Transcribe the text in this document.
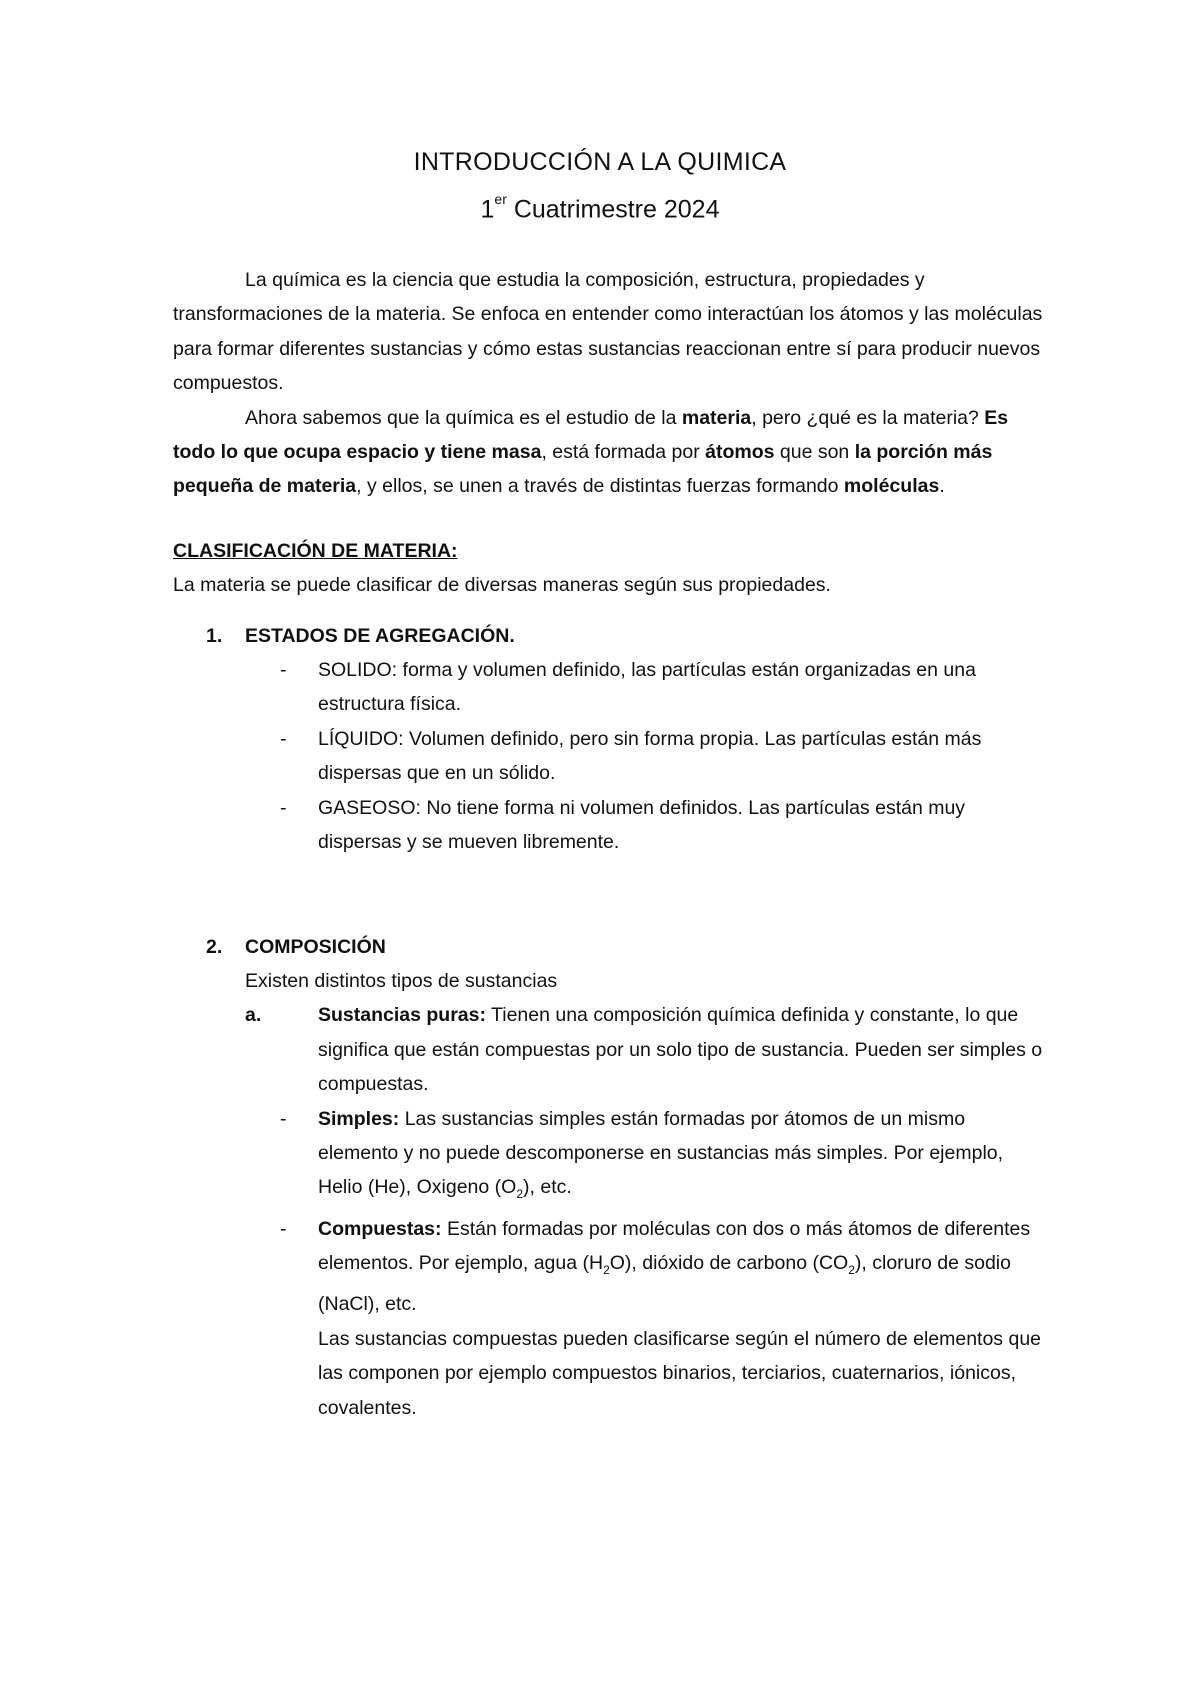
INTRODUCCIÓN A LA QUIMICA
1er Cuatrimestre 2024

La química es la ciencia que estudia la composición, estructura, propiedades y transformaciones de la materia. Se enfoca en entender como interactúan los átomos y las moléculas para formar diferentes sustancias y cómo estas sustancias reaccionan entre sí para producir nuevos compuestos.

Ahora sabemos que la química es el estudio de la materia, pero ¿qué es la materia? Es todo lo que ocupa espacio y tiene masa, está formada por átomos que son la porción más pequeña de materia, y ellos, se unen a través de distintas fuerzas formando moléculas.

CLASIFICACIÓN DE MATERIA:

La materia se puede clasificar de diversas maneras según sus propiedades.

1. ESTADOS DE AGREGACIÓN.
- SOLIDO: forma y volumen definido, las partículas están organizadas en una estructura física.
- LÍQUIDO: Volumen definido, pero sin forma propia. Las partículas están más dispersas que en un sólido.
- GASEOSO: No tiene forma ni volumen definidos. Las partículas están muy dispersas y se mueven libremente.
2. COMPOSICIÓN
Existen distintos tipos de sustancias
a.	Sustancias puras: Tienen una composición química definida y constante, lo que significa que están compuestas por un solo tipo de sustancia. Pueden ser simples o compuestas.
- Simples: Las sustancias simples están formadas por átomos de un mismo elemento y no puede descomponerse en sustancias más simples. Por ejemplo, Helio (He), Oxigeno $(O_2)$, etc.
- Compuestas: Están formadas por moléculas con dos o más átomos de diferentes elementos. Por ejemplo, agua $(H_2O)$, dióxido de carbono $(CO_2)$, cloruro de sodio (NaCl), etc.
Las sustancias compuestas pueden clasificarse según el número de elementos que las componen por ejemplo compuestos binarios, terciarios, cuaternarios, iónicos, covalentes.
